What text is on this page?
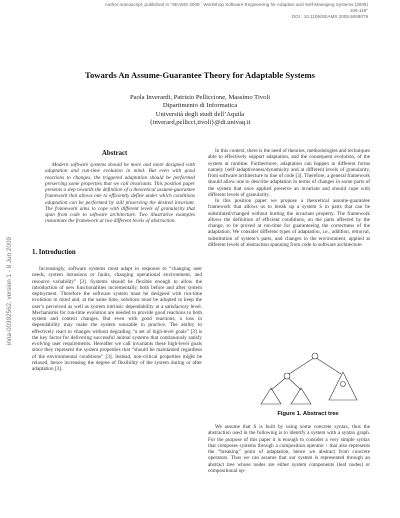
Author manuscript, published in "SEAMS 2009 : Workshop Software Engineering for Adaptive and Self-Managing Systems (2009)
106-115"
DOI : 10.1109/SEAMS.2009.5069079
inria-00392562, version 1 - 8 Jun 2009
Towards An Assume-Guarantee Theory for Adaptable Systems
Paola Inverardi, Patrizio Pelliccione, Massimo Tivoli
Dipartimento di Informatica
Università degli studi dell’Aquila
{inverard,pellicci,tivoli}@di.univaq.it
Abstract

Modern software systems should be more and more designed with adaptation and run-time evolution in mind. But even with good reactions to changes, the triggered adaptation should be performed preserving some properties that we call invariants. This position paper presents a step towards the definition of a theoretical assume-guarantee framework that allows one to efficiently define under which conditions adaptation can be performed by still preserving the desired invariant. The framework aims to cope with different levels of granularity that span from code to software architecture. Two illustrative examples instantiate the framework at two different levels of abstraction.

1. Introduction

Increasingly, software systems must adapt in response to “changing user needs, system intrusions or faults, changing operational environment, and resource variability” [3]. Systems should be flexible enough to allow the introduction of new functionalities incrementally, both before and after system deployment. Therefore the software system must be designed with run-time evolution in mind and, at the same time, solutions must be adopted to keep the user’s perceived as well as system intrinsic dependability at a satisfactory level. Mechanisms for run-time evolution are needed to provide good reactions to both system and context changes. But even with good reactions, a loss in dependability may make the system unusable in practice. The ability to effectively react to changes without degrading “a set of high-level goals” [3] is the key factor for delivering successful animal systems that continuously satisfy evolving user requirements. Hereafter we call invariants these high-level goals since they represent the system properties that “should be maintained regardless of the environmental conditions” [3]. Instead, non-critical properties might be relaxed, hence increasing the degree of flexibility of the system during or after adaptation [3].

In this context, there is the need of theories, methodologies and techniques able to effectively support adaptation, and the consequent evolution, of the system at runtime. Furthermore, adaptation can happen in different forms namely (self-)adaptiveness/dynamicity and at different levels of granularity, from software architecture to line of code [3]. Therefore, a general framework should allow one to describe adaptation in terms of changes in some parts of the system that once applied preserve an invariant and should cope with different levels of granularity.

In this position paper we propose a theoretical assume-guarantee framework that allows us to break up a system S in parts that can be substituted/changed without hurting the invariant property. The framework allows the definition of efficient conditions, on the parts affected by the change, to be proved at run-time for guaranteeing the correctness of the adaptation. We consider different types of adaptation, i.e., addition, removal, substitution of system’s parts, and changes in the environment, applied at different levels of abstraction spanning from code to software architecture.

Figure 1. Abstract tree

We assume that S is built by using some concrete syntax, thus the abstraction used in the following is to identify a system with a syntax graph. For the purpose of this paper it is enough to consider a very simple syntax that composes systems through a composition operator ◦ that also represents the “breaking” point of adaptation, hence we abstract from concrete operators. Thus we can assume that our system is represented through an abstract tree whose nodes are either system components (leaf nodes) or compositional op-
